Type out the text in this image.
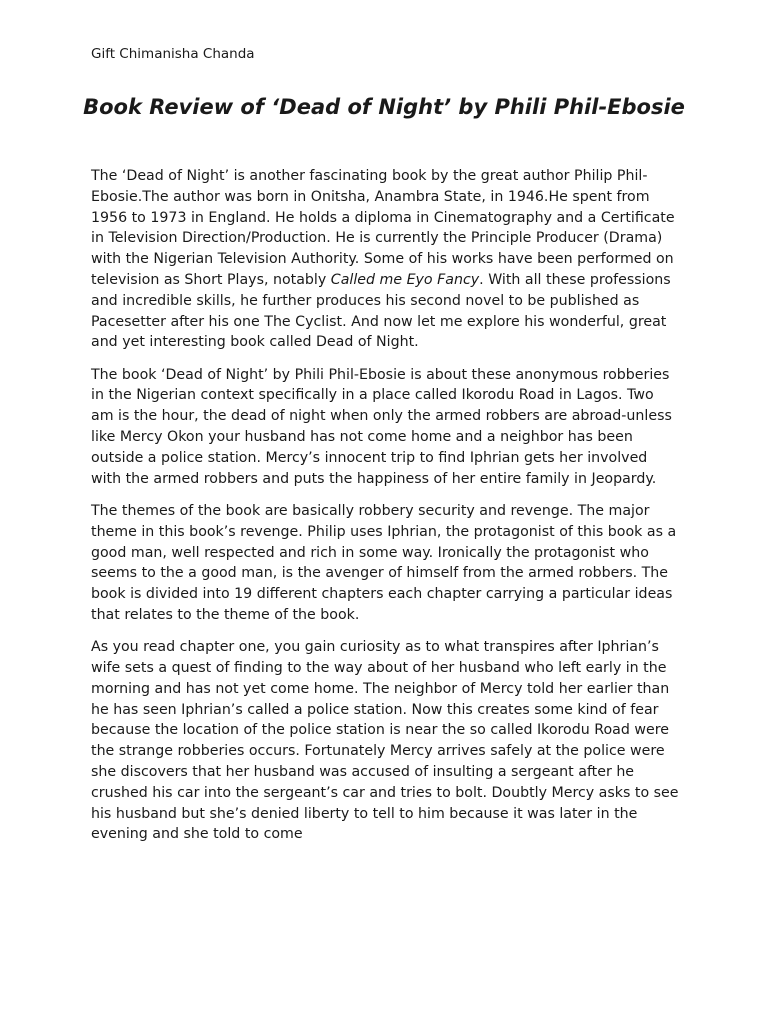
Gift Chimanisha Chanda
Book Review of ‘Dead of Night’ by Phili Phil-Ebosie

The ‘Dead of Night’ is another fascinating book by the great author Philip Phil-Ebosie.The author was born in Onitsha, Anambra State, in 1946.He spent from 1956 to 1973 in England. He holds a diploma in Cinematography and a Certificate in Television Direction/Production. He is currently the Principle Producer (Drama) with the Nigerian Television Authority. Some of his works have been performed on television as Short Plays, notably Called me Eyo Fancy. With all these professions and incredible skills, he further produces his second novel to be published as Pacesetter after his one The Cyclist. And now let me explore his wonderful, great and yet interesting book called Dead of Night.

The book ‘Dead of Night’ by Phili Phil-Ebosie is about these anonymous robberies in the Nigerian context specifically in a place called Ikorodu Road in Lagos. Two am is the hour, the dead of night when only the armed robbers are abroad-unless like Mercy Okon your husband has not come home and a neighbor has been outside a police station. Mercy’s innocent trip to find Iphrian gets her involved with the armed robbers and puts the happiness of her entire family in Jeopardy.

The themes of the book are basically robbery security and revenge. The major theme in this book’s revenge. Philip uses Iphrian, the protagonist of this book as a good man, well respected and rich in some way. Ironically the protagonist who seems to the a good man, is the avenger of himself from the armed robbers. The book is divided into 19 different chapters each chapter carrying a particular ideas that relates to the theme of the book.

As you read chapter one, you gain curiosity as to what transpires after Iphrian’s wife sets a quest of finding to the way about of her husband who left early in the morning and has not yet come home. The neighbor of Mercy told her earlier than he has seen Iphrian’s called a police station. Now this creates some kind of fear because the location of the police station is near the so called Ikorodu Road were the strange robberies occurs. Fortunately Mercy arrives safely at the police were she discovers that her husband was accused of insulting a sergeant after he crushed his car into the sergeant’s car and tries to bolt. Doubtly Mercy asks to see his husband but she’s denied liberty to tell to him because it was later in the evening and she told to come
